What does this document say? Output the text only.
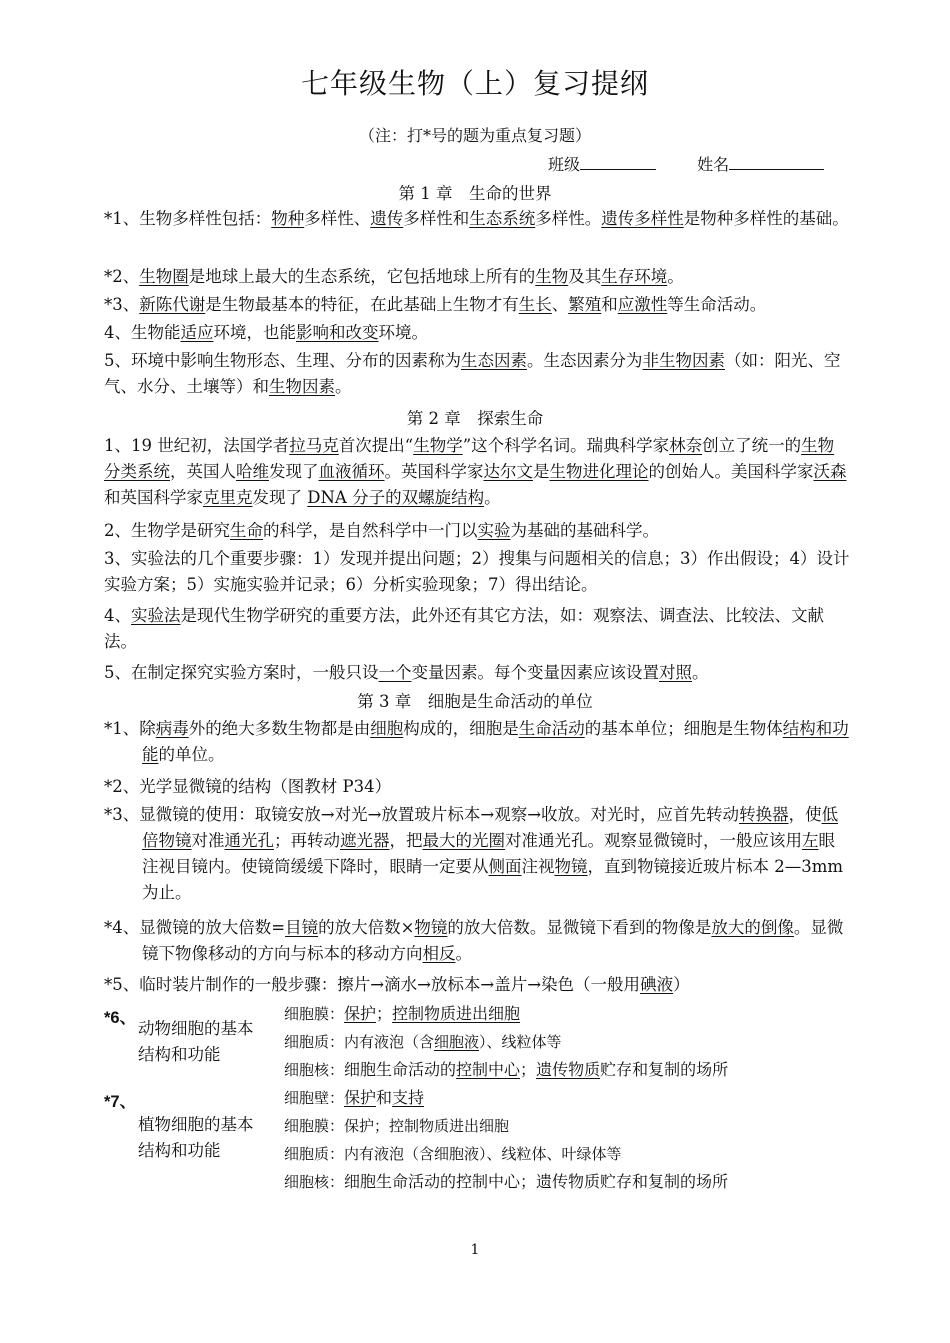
七年级生物（上）复习提纲
（注：打*号的题为重点复习题）
班级	姓名
第 1 章　生命的世界
*1、生物多样性包括：物种多样性、遗传多样性和生态系统多样性。遗传多样性是物种多样性的基础。
*2、生物圈是地球上最大的生态系统，它包括地球上所有的生物及其生存环境。
*3、新陈代谢是生物最基本的特征，在此基础上生物才有生长、繁殖和应激性等生命活动。
4、生物能适应环境，也能影响和改变环境。
5、环境中影响生物形态、生理、分布的因素称为生态因素。生态因素分为非生物因素（如：阳光、空气、水分、土壤等）和生物因素。
第 2 章　探索生命
1、19 世纪初，法国学者拉马克首次提出“生物学”这个科学名词。瑞典科学家林奈创立了统一的生物分类系统，英国人哈维发现了血液循环。英国科学家达尔文是生物进化理论的创始人。美国科学家沃森和英国科学家克里克发现了 DNA 分子的双螺旋结构。
2、生物学是研究生命的科学，是自然科学中一门以实验为基础的基础科学。
3、实验法的几个重要步骤：1）发现并提出问题；2）搜集与问题相关的信息；3）作出假设；4）设计实验方案；5）实施实验并记录；6）分析实验现象；7）得出结论。
4、实验法是现代生物学研究的重要方法，此外还有其它方法，如：观察法、调查法、比较法、文献法。
5、在制定探究实验方案时，一般只设一个变量因素。每个变量因素应该设置对照。
第 3 章　细胞是生命活动的单位
*1、除病毒外的绝大多数生物都是由细胞构成的，细胞是生命活动的基本单位；细胞是生物体结构和功能的单位。
*2、光学显微镜的结构（图教材 P34）
*3、显微镜的使用：取镜安放→对光→放置玻片标本→观察→收放。对光时，应首先转动转换器，使低倍物镜对准通光孔；再转动遮光器，把最大的光圈对准通光孔。观察显微镜时，一般应该用左眼注视目镜内。使镜筒缓缓下降时，眼睛一定要从侧面注视物镜，直到物镜接近玻片标本 2—3mm 为止。
*4、显微镜的放大倍数=目镜的放大倍数×物镜的放大倍数。显微镜下看到的物像是放大的倒像。显微镜下物像移动的方向与标本的移动方向相反。
*5、临时装片制作的一般步骤：擦片→滴水→放标本→盖片→染色（一般用碘液）
*6、
动物细胞的基本结构和功能
细胞膜：保护；控制物质进出细胞
细胞质：内有液泡（含细胞液）、线粒体等
细胞核：细胞生命活动的控制中心；遗传物质贮存和复制的场所
*7、
植物细胞的基本结构和功能
细胞壁：保护和支持
细胞膜：保护；控制物质进出细胞
细胞质：内有液泡（含细胞液）、线粒体、叶绿体等
细胞核：细胞生命活动的控制中心；遗传物质贮存和复制的场所
1
